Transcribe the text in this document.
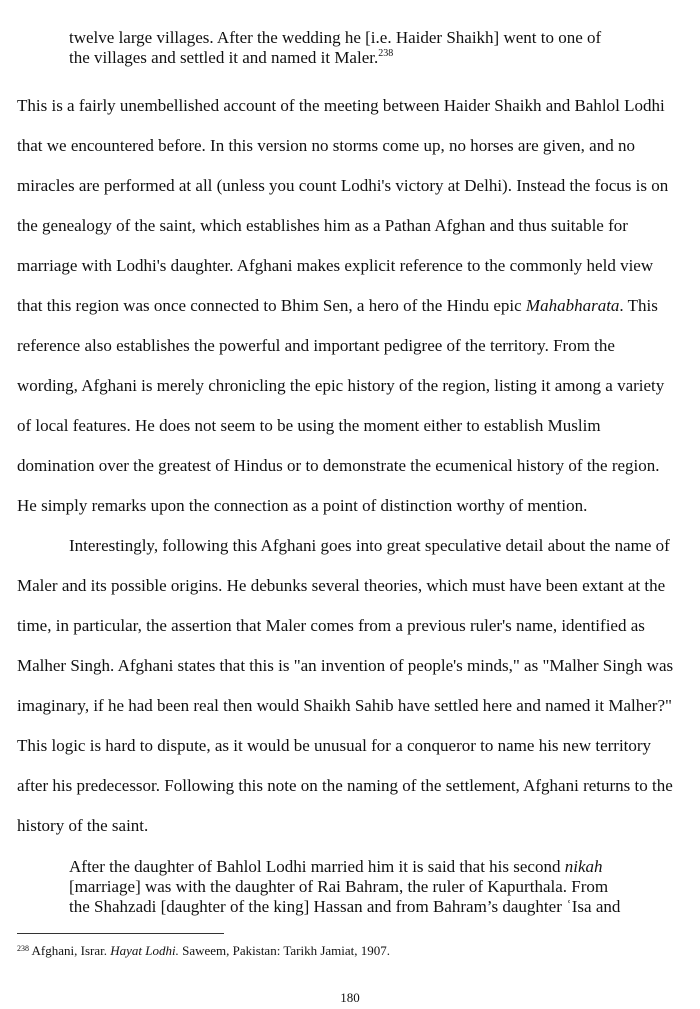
twelve large villages. After the wedding he [i.e. Haider Shaikh] went to one of
the villages and settled it and named it Maler.$^{238}$
This is a fairly unembellished account of the meeting between Haider Shaikh and Bahlol Lodhi
that we encountered before. In this version no storms come up, no horses are given, and no
miracles are performed at all (unless you count Lodhi's victory at Delhi). Instead the focus is on
the genealogy of the saint, which establishes him as a Pathan Afghan and thus suitable for
marriage with Lodhi's daughter. Afghani makes explicit reference to the commonly held view
that this region was once connected to Bhim Sen, a hero of the Hindu epic Mahabharata. This
reference also establishes the powerful and important pedigree of the territory. From the
wording, Afghani is merely chronicling the epic history of the region, listing it among a variety
of local features. He does not seem to be using the moment either to establish Muslim
domination over the greatest of Hindus or to demonstrate the ecumenical history of the region.
He simply remarks upon the connection as a point of distinction worthy of mention.
Interestingly, following this Afghani goes into great speculative detail about the name of
Maler and its possible origins. He debunks several theories, which must have been extant at the
time, in particular, the assertion that Maler comes from a previous ruler's name, identified as
Malher Singh. Afghani states that this is "an invention of people's minds," as "Malher Singh was
imaginary, if he had been real then would Shaikh Sahib have settled here and named it Malher?"
This logic is hard to dispute, as it would be unusual for a conqueror to name his new territory
after his predecessor. Following this note on the naming of the settlement, Afghani returns to the
history of the saint.
After the daughter of Bahlol Lodhi married him it is said that his second nikah
[marriage] was with the daughter of Rai Bahram, the ruler of Kapurthala. From
the Shahzadi [daughter of the king] Hassan and from Bahram’s daughter ʿIsa and
$^{238}$ Afghani, Israr. Hayat Lodhi. Saweem, Pakistan: Tarikh Jamiat, 1907.
180
